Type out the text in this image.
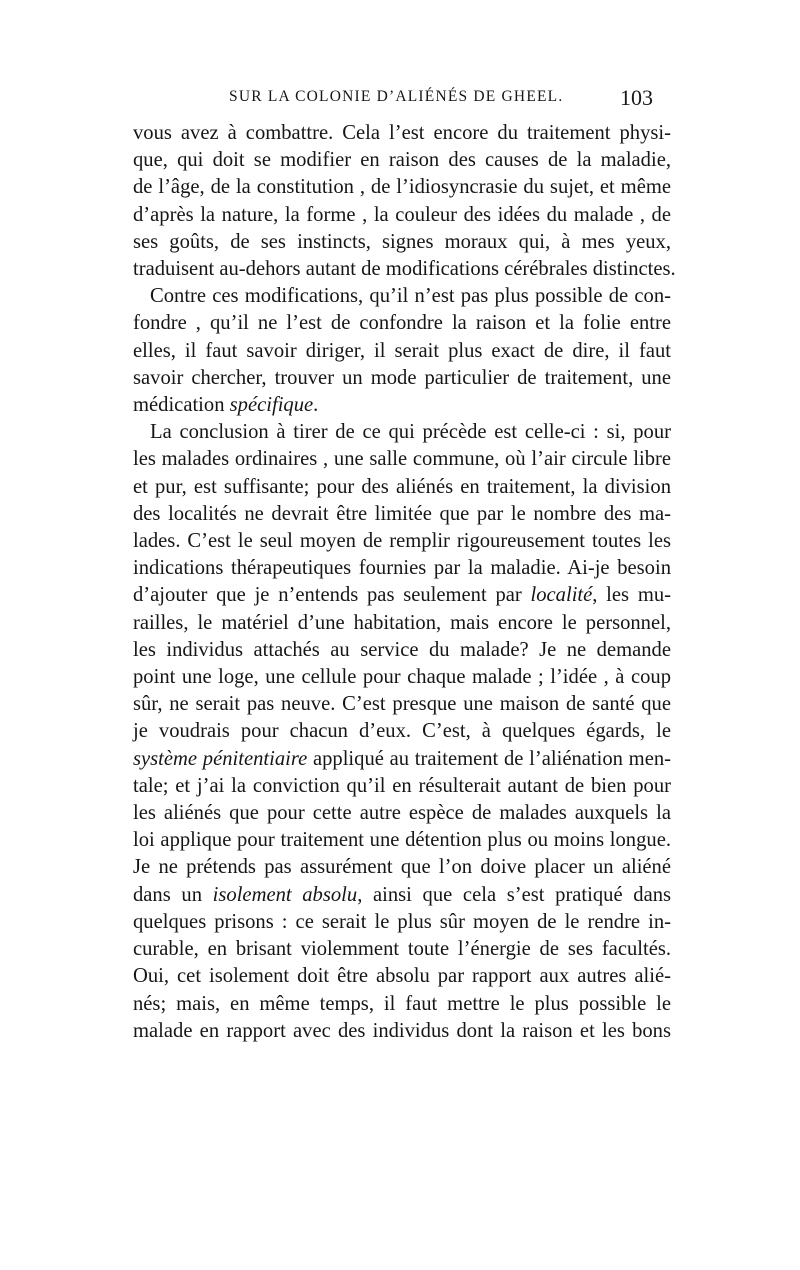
SUR LA COLONIE D’ALIÉNÉS DE GHEEL.	103

vous avez à combattre. Cela l’est encore du traitement physi-
que, qui doit se modifier en raison des causes de la maladie,
de l’âge, de la constitution , de l’idiosyncrasie du sujet, et même
d’après la nature, la forme , la couleur des idées du malade , de
ses goûts, de ses instincts, signes moraux qui, à mes yeux,
traduisent au-dehors autant de modifications cérébrales distinctes.

Contre ces modifications, qu’il n’est pas plus possible de con-
fondre , qu’il ne l’est de confondre la raison et la folie entre
elles, il faut savoir diriger, il serait plus exact de dire, il faut
savoir chercher, trouver un mode particulier de traitement, une
médication spécifique.

La conclusion à tirer de ce qui précède est celle-ci : si, pour
les malades ordinaires , une salle commune, où l’air circule libre
et pur, est suffisante; pour des aliénés en traitement, la division
des localités ne devrait être limitée que par le nombre des ma-
lades. C’est le seul moyen de remplir rigoureusement toutes les
indications thérapeutiques fournies par la maladie. Ai-je besoin
d’ajouter que je n’entends pas seulement par localité, les mu-
railles, le matériel d’une habitation, mais encore le personnel,
les individus attachés au service du malade? Je ne demande
point une loge, une cellule pour chaque malade ; l’idée , à coup
sûr, ne serait pas neuve. C’est presque une maison de santé que
je voudrais pour chacun d’eux. C’est, à quelques égards, le
système pénitentiaire appliqué au traitement de l’aliénation men-
tale; et j’ai la conviction qu’il en résulterait autant de bien pour
les aliénés que pour cette autre espèce de malades auxquels la
loi applique pour traitement une détention plus ou moins longue.
Je ne prétends pas assurément que l’on doive placer un aliéné
dans un isolement absolu, ainsi que cela s’est pratiqué dans
quelques prisons : ce serait le plus sûr moyen de le rendre in-
curable, en brisant violemment toute l’énergie de ses facultés.
Oui, cet isolement doit être absolu par rapport aux autres alié-
nés; mais, en même temps, il faut mettre le plus possible le
malade en rapport avec des individus dont la raison et les bons
